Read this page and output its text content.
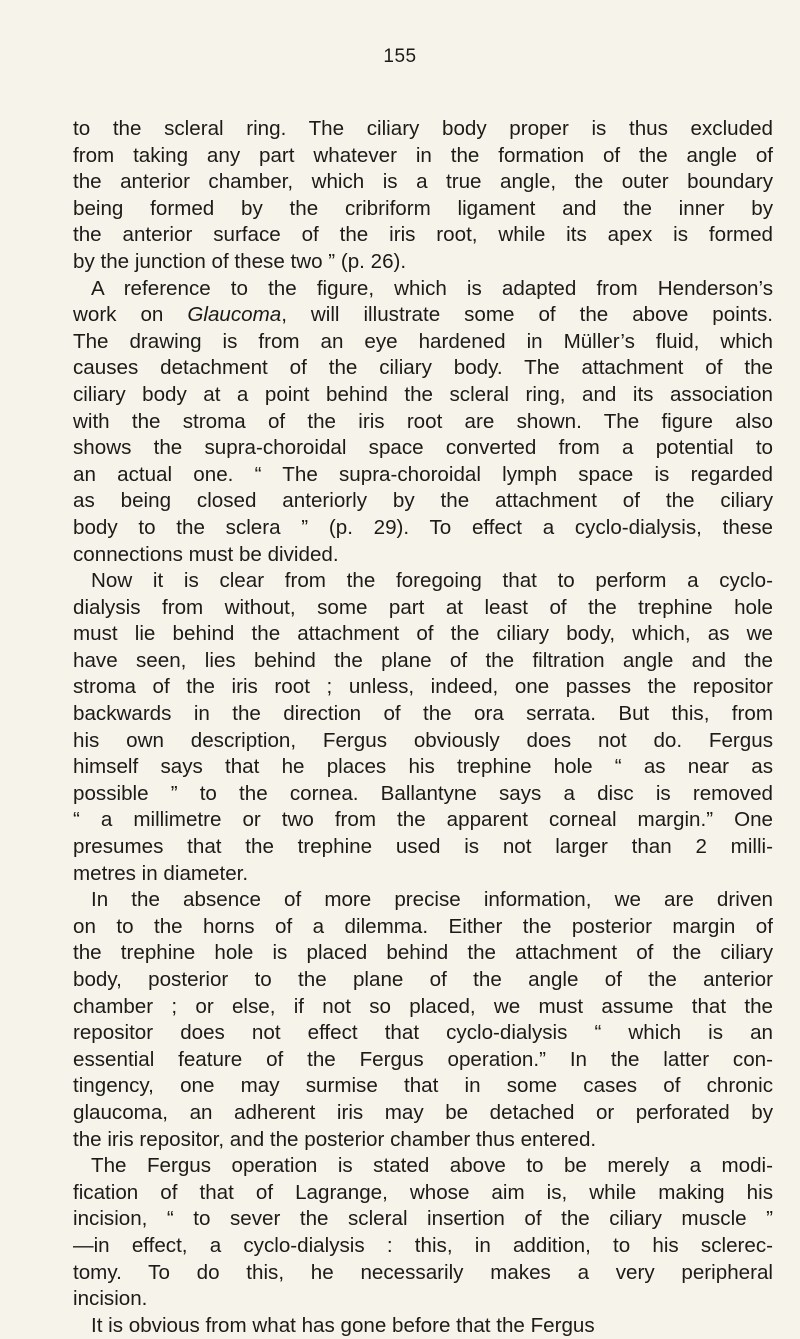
155
to the scleral ring. The ciliary body proper is thus excluded
from taking any part whatever in the formation of the angle of
the anterior chamber, which is a true angle, the outer boundary
being formed by the cribriform ligament and the inner by
the anterior surface of the iris root, while its apex is formed
by the junction of these two ” (p. 26).
A reference to the figure, which is adapted from Henderson’s
work on Glaucoma, will illustrate some of the above points.
The drawing is from an eye hardened in Müller’s fluid, which
causes detachment of the ciliary body. The attachment of the
ciliary body at a point behind the scleral ring, and its association
with the stroma of the iris root are shown. The figure also
shows the supra-choroidal space converted from a potential to
an actual one. “ The supra-choroidal lymph space is regarded
as being closed anteriorly by the attachment of the ciliary
body to the sclera ” (p. 29). To effect a cyclo-dialysis, these
connections must be divided.
Now it is clear from the foregoing that to perform a cyclo-
dialysis from without, some part at least of the trephine hole
must lie behind the attachment of the ciliary body, which, as we
have seen, lies behind the plane of the filtration angle and the
stroma of the iris root ; unless, indeed, one passes the repositor
backwards in the direction of the ora serrata. But this, from
his own description, Fergus obviously does not do. Fergus
himself says that he places his trephine hole “ as near as
possible ” to the cornea. Ballantyne says a disc is removed
“ a millimetre or two from the apparent corneal margin.” One
presumes that the trephine used is not larger than 2 milli-
metres in diameter.
In the absence of more precise information, we are driven
on to the horns of a dilemma. Either the posterior margin of
the trephine hole is placed behind the attachment of the ciliary
body, posterior to the plane of the angle of the anterior
chamber ; or else, if not so placed, we must assume that the
repositor does not effect that cyclo-dialysis “ which is an
essential feature of the Fergus operation.” In the latter con-
tingency, one may surmise that in some cases of chronic
glaucoma, an adherent iris may be detached or perforated by
the iris repositor, and the posterior chamber thus entered.
The Fergus operation is stated above to be merely a modi-
fication of that of Lagrange, whose aim is, while making his
incision, “ to sever the scleral insertion of the ciliary muscle ”
—in effect, a cyclo-dialysis : this, in addition, to his sclerec-
tomy. To do this, he necessarily makes a very peripheral
incision.
It is obvious from what has gone before that the Fergus
